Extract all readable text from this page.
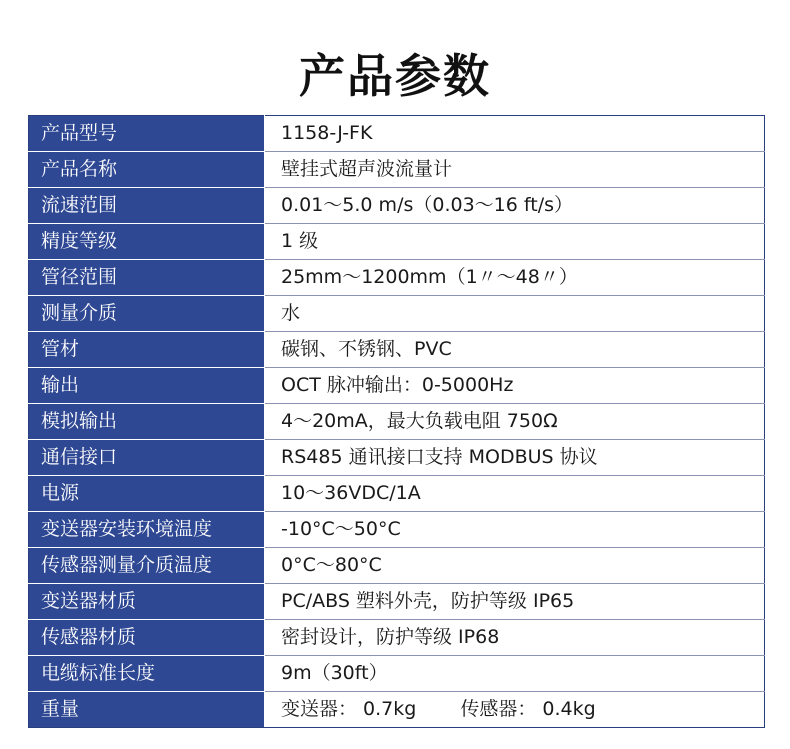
产品参数
产品型号	1158-J-FK
产品名称	壁挂式超声波流量计
流速范围	0.01～5.0 m/s（0.03～16 ft/s）
精度等级	1 级
管径范围	25mm～1200mm（1〃～48〃）
测量介质	水
管材	碳钢、不锈钢、PVC
输出	OCT 脉冲输出：0-5000Hz
模拟输出	4～20mA，最大负载电阻 750Ω
通信接口	RS485 通讯接口支持 MODBUS 协议
电源	10～36VDC/1A
变送器安装环境温度	-10°C～50°C
传感器测量介质温度	0°C～80°C
变送器材质	PC/ABS 塑料外壳，防护等级 IP65
传感器材质	密封设计，防护等级 IP68
电缆标准长度	9m（30ft）
重量	变送器： 0.7kg 传感器： 0.4kg
